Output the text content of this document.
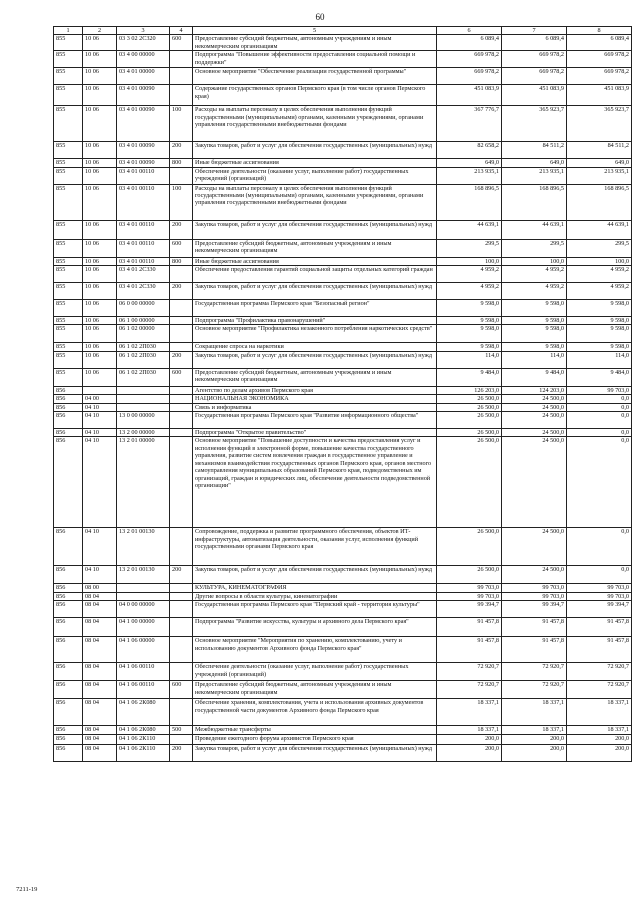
60
1	2	3	4	5	6	7	8
855	10 06	03 3 02 2С320	600	Предоставление субсидий бюджетным, автономным учреждениям и иным некоммерческим организациям	6 089,4	6 089,4	6 089,4
855	10 06	03 4 00 00000		Подпрограмма "Повышение эффективности предоставления социальной помощи и поддержки"	669 978,2	669 978,2	669 978,2
855	10 06	03 4 01 00000		Основное мероприятие "Обеспечение реализации государственной программы"	669 978,2	669 978,2	669 978,2
855	10 06	03 4 01 00090		Содержание государственных органов Пермского края (в том числе органов Пермского края)	451 083,9	451 083,9	451 083,9
855	10 06	03 4 01 00090	100	Расходы на выплаты персоналу в целях обеспечения выполнения функций государственными (муниципальными) органами, казенными учреждениями, органами управления государственными внебюджетными фондами	367 776,7	365 923,7	365 923,7
855	10 06	03 4 01 00090	200	Закупка товаров, работ и услуг для обеспечения государственных (муниципальных) нужд	82 658,2	84 511,2	84 511,2
855	10 06	03 4 01 00090	800	Иные бюджетные ассигнования	649,0	649,0	649,0
855	10 06	03 4 01 00110		Обеспечение деятельности (оказание услуг, выполнение работ) государственных учреждений (организаций)	213 935,1	213 935,1	213 935,1
855	10 06	03 4 01 00110	100	Расходы на выплаты персоналу в целях обеспечения выполнения функций государственными (муниципальными) органами, казенными учреждениями, органами управления государственными внебюджетными фондами	168 896,5	168 896,5	168 896,5
855	10 06	03 4 01 00110	200	Закупка товаров, работ и услуг для обеспечения государственных (муниципальных) нужд	44 639,1	44 639,1	44 639,1
855	10 06	03 4 01 00110	600	Предоставление субсидий бюджетным, автономным учреждениям и иным некоммерческим организациям	299,5	299,5	299,5
855	10 06	03 4 01 00110	800	Иные бюджетные ассигнования	100,0	100,0	100,0
855	10 06	03 4 01 2С330		Обеспечение предоставления гарантий социальной защиты отдельных категорий граждан	4 959,2	4 959,2	4 959,2
855	10 06	03 4 01 2С330	200	Закупка товаров, работ и услуг для обеспечения государственных (муниципальных) нужд	4 959,2	4 959,2	4 959,2
855	10 06	06 0 00 00000		Государственная программа Пермского края "Безопасный регион"	9 598,0	9 598,0	9 598,0
855	10 06	06 1 00 00000		Подпрограмма "Профилактика правонарушений"	9 598,0	9 598,0	9 598,0
855	10 06	06 1 02 00000		Основное мероприятие "Профилактика незаконного потребления наркотических средств"	9 598,0	9 598,0	9 598,0
855	10 06	06 1 02 2П030		Сокращение спроса на наркотики	9 598,0	9 598,0	9 598,0
855	10 06	06 1 02 2П030	200	Закупка товаров, работ и услуг для обеспечения государственных (муниципальных) нужд	114,0	114,0	114,0
855	10 06	06 1 02 2П030	600	Предоставление субсидий бюджетным, автономным учреждениям и иным некоммерческим организациям	9 484,0	9 484,0	9 484,0
856				Агентство по делам архивов Пермского края	126 203,0	124 203,0	99 703,0
856	04 00			НАЦИОНАЛЬНАЯ ЭКОНОМИКА	26 500,0	24 500,0	0,0
856	04 10			Связь и информатика	26 500,0	24 500,0	0,0
856	04 10	13 0 00 00000		Государственная программа Пермского края "Развитие информационного общества"	26 500,0	24 500,0	0,0
856	04 10	13 2 00 00000		Подпрограмма "Открытое правительство"	26 500,0	24 500,0	0,0
856	04 10	13 2 01 00000		Основное мероприятие "Повышение доступности и качества предоставления услуг и исполнения функций в электронной форме, повышение качества государственного управления, развитие систем вовлечения граждан в государственное управление и механизмов взаимодействия государственных органов Пермского края, органов местного самоуправления муниципальных образований Пермского края, подведомственных им организаций, граждан и юридических лиц, обеспечение деятельности подведомственной организации"	26 500,0	24 500,0	0,0
856	04 10	13 2 01 00130		Сопровождение, поддержка и развитие программного обеспечения, объектов ИТ-инфраструктуры, автоматизация деятельности, оказания услуг, исполнения функций государственными органами Пермского края	26 500,0	24 500,0	0,0
856	04 10	13 2 01 00130	200	Закупка товаров, работ и услуг для обеспечения государственных (муниципальных) нужд	26 500,0	24 500,0	0,0
856	08 00			КУЛЬТУРА, КИНЕМАТОГРАФИЯ	99 703,0	99 703,0	99 703,0
856	08 04			Другие вопросы в области культуры, кинематографии	99 703,0	99 703,0	99 703,0
856	08 04	04 0 00 00000		Государственная программа Пермского края "Пермский край - территория культуры"	99 394,7	99 394,7	99 394,7
856	08 04	04 1 00 00000		Подпрограмма "Развитие искусства, культуры и архивного дела Пермского края"	91 457,8	91 457,8	91 457,8
856	08 04	04 1 06 00000		Основное мероприятие "Мероприятия по хранению, комплектованию, учету и использованию документов Архивного фонда Пермского края"	91 457,8	91 457,8	91 457,8
856	08 04	04 1 06 00110		Обеспечение деятельности (оказание услуг, выполнение работ) государственных учреждений (организаций)	72 920,7	72 920,7	72 920,7
856	08 04	04 1 06 00110	600	Предоставление субсидий бюджетным, автономным учреждениям и иным некоммерческим организациям	72 920,7	72 920,7	72 920,7
856	08 04	04 1 06 2К080		Обеспечение хранения, комплектования, учета и использования архивных документов государственной части документов Архивного фонда Пермского края	18 337,1	18 337,1	18 337,1
856	08 04	04 1 06 2К080	500	Межбюджетные трансферты	18 337,1	18 337,1	18 337,1
856	08 04	04 1 06 2К110		Проведение ежегодного форума архивистов Пермского края	200,0	200,0	200,0
856	08 04	04 1 06 2К110	200	Закупка товаров, работ и услуг для обеспечения государственных (муниципальных) нужд	200,0	200,0	200,0
7211-19
